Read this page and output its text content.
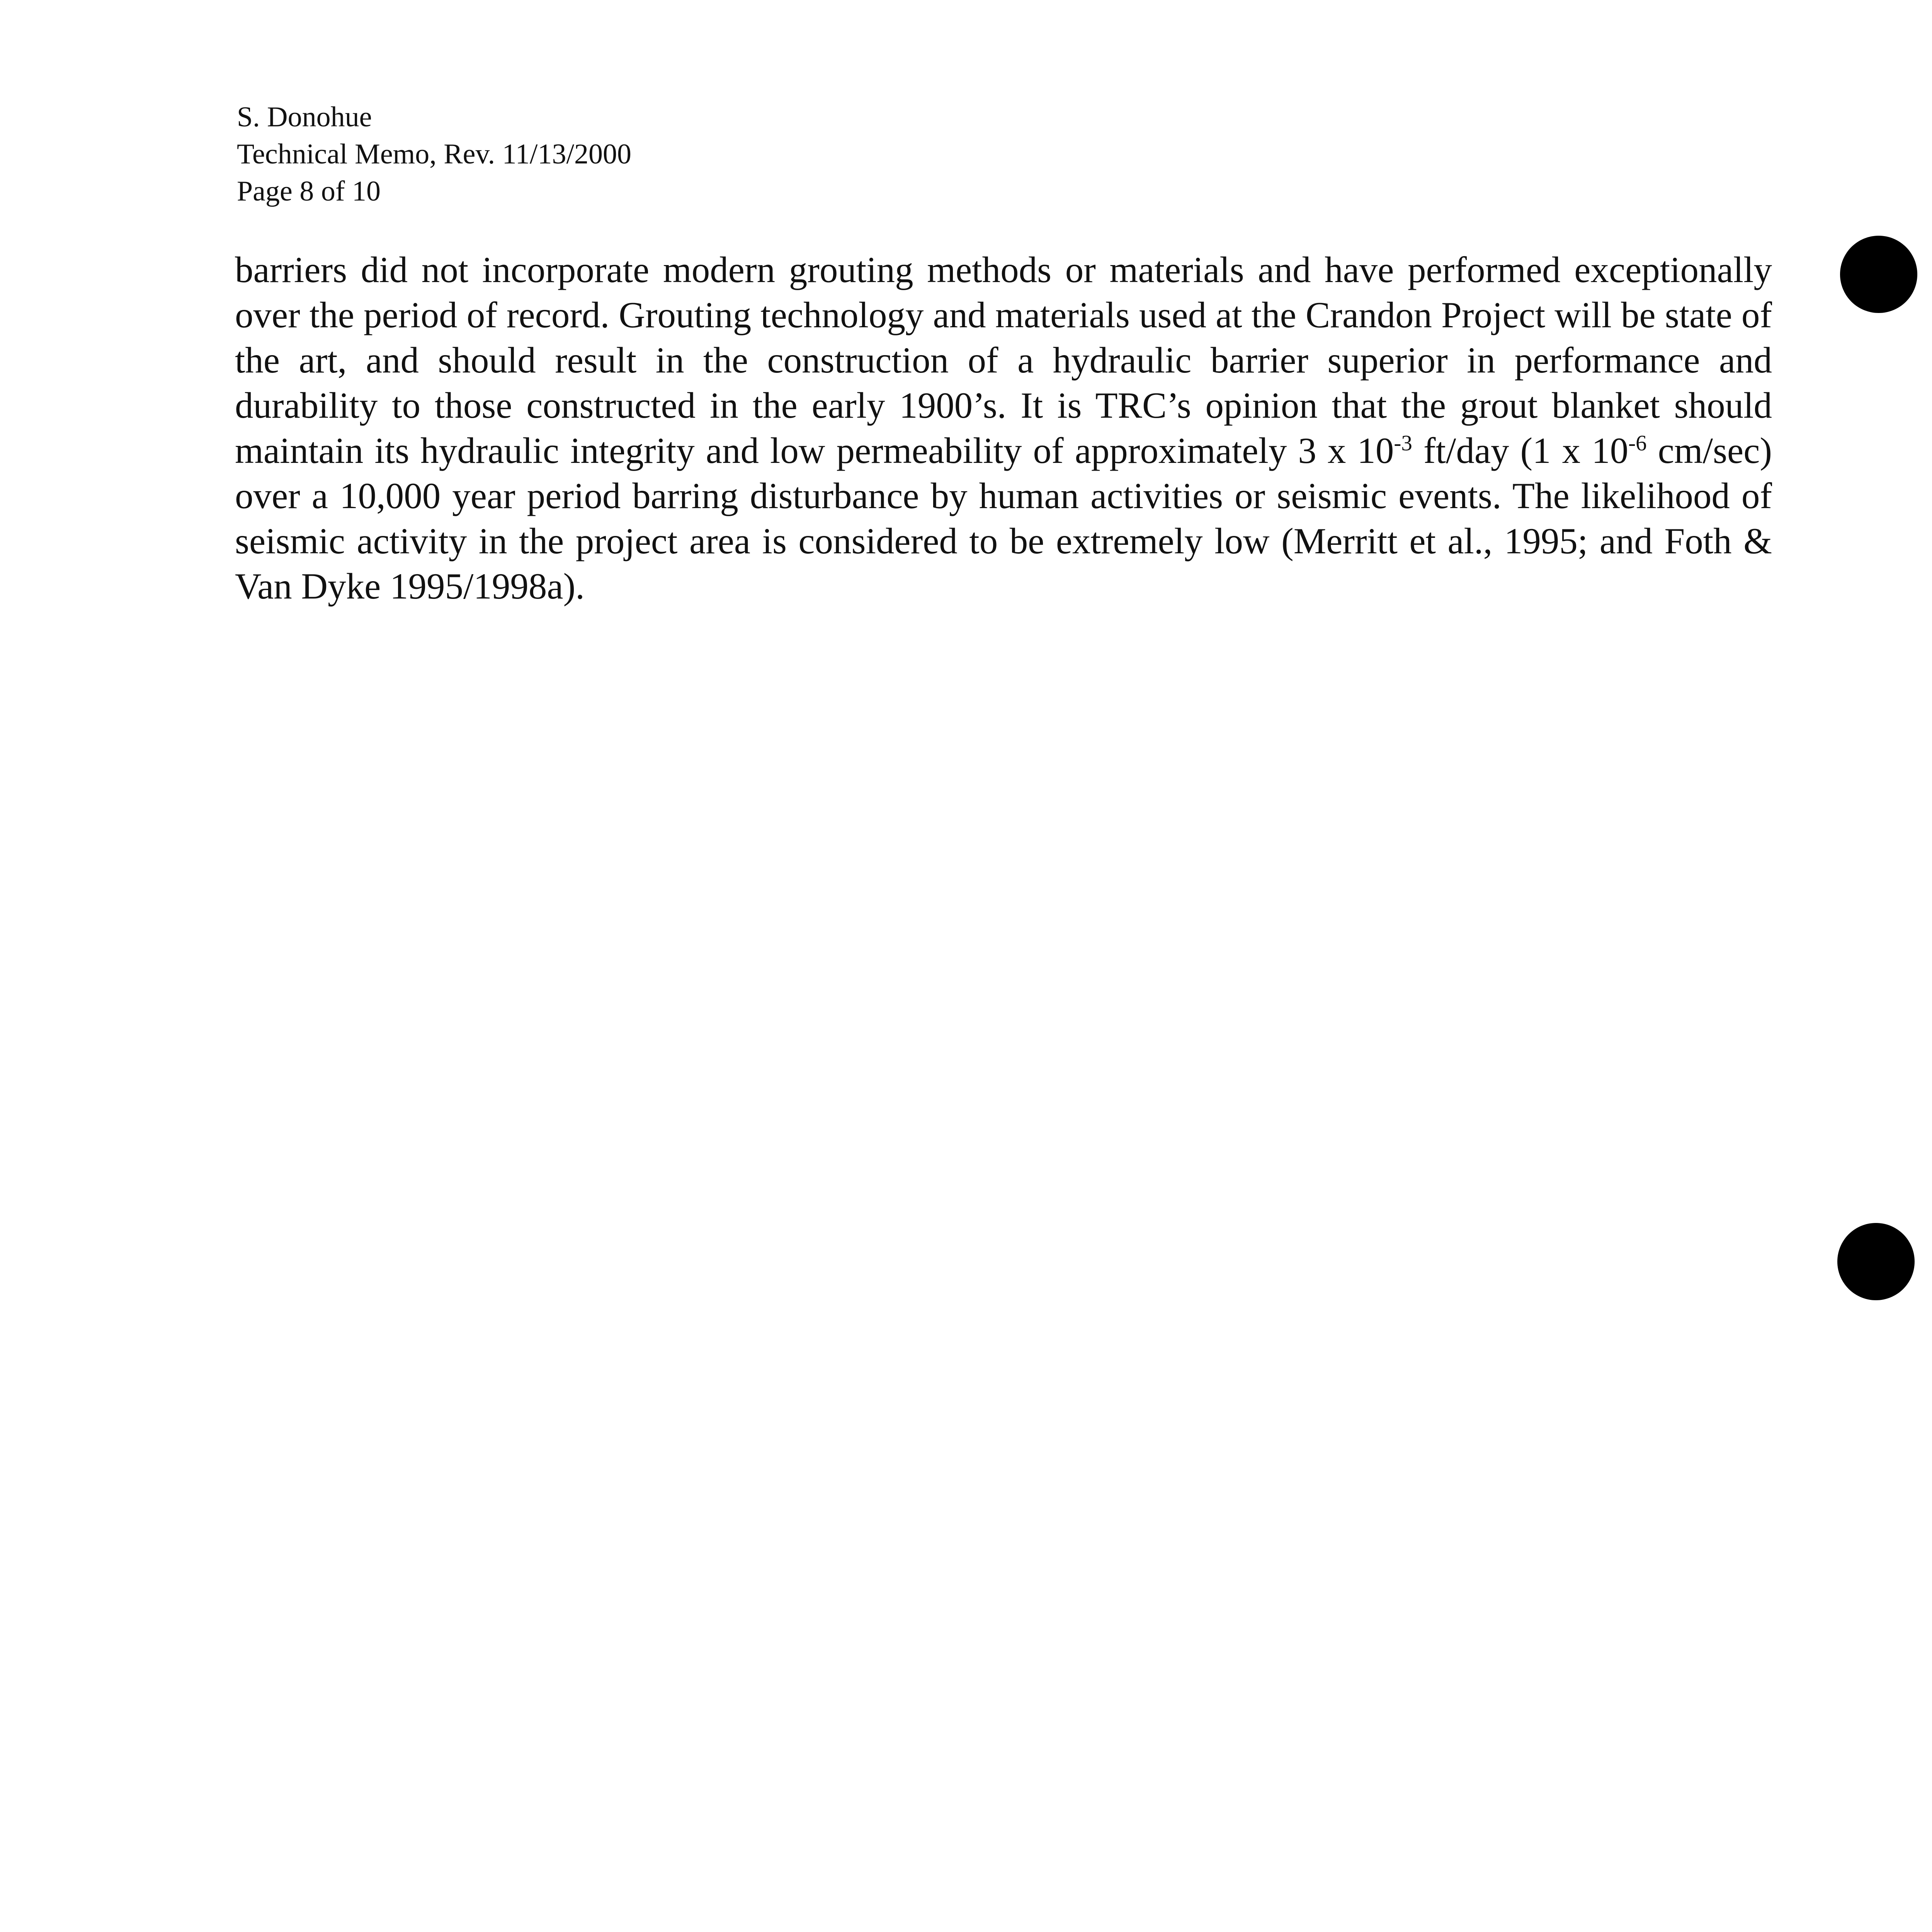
S. Donohue
Technical Memo, Rev. 11/13/2000
Page 8 of 10

barriers did not incorporate modern grouting methods or materials and have performed exceptionally over the period of record. Grouting technology and materials used at the Crandon Project will be state of the art, and should result in the construction of a hydraulic barrier superior in performance and durability to those constructed in the early 1900’s. It is TRC’s opinion that the grout blanket should maintain its hydraulic integrity and low permeability of approximately 3 x $10^{-3}$ ft/day (1 x $10^{-6}$ cm/sec) over a 10,000 year period barring disturbance by human activities or seismic events. The likelihood of seismic activity in the project area is considered to be extremely low (Merritt et al., 1995; and Foth & Van Dyke 1995/1998a).
